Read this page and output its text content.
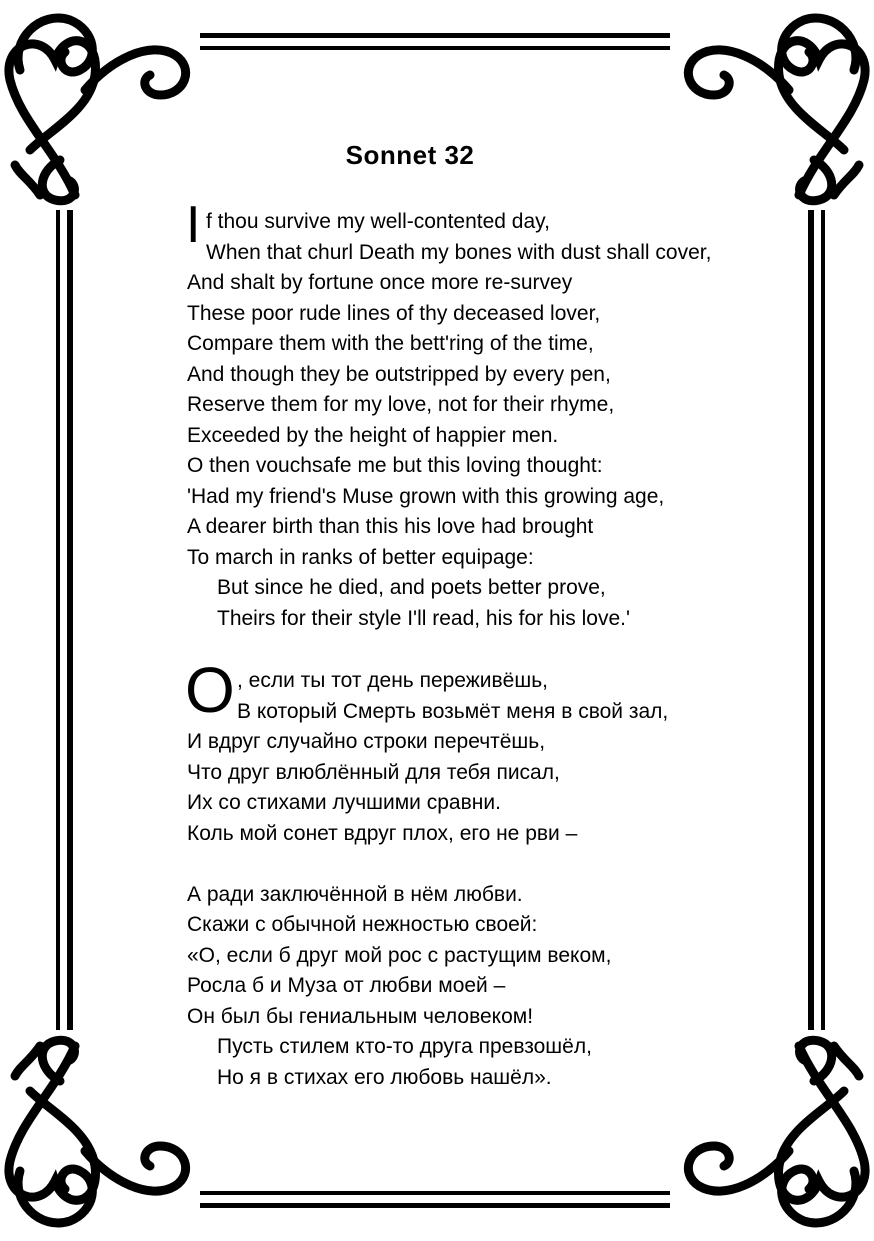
Sonnet 32
I f thou survive my well-contented day,
When that churl Death my bones with dust shall cover,
And shalt by fortune once more re-survey
These poor rude lines of thy deceased lover,
Compare them with the bett'ring of the time,
And though they be outstripped by every pen,
Reserve them for my love, not for their rhyme,
Exceeded by the height of happier men.
O then vouchsafe me but this loving thought:
'Had my friend's Muse grown with this growing age,
A dearer birth than this his love had brought
To march in ranks of better equipage:
But since he died, and poets better prove,
Theirs for their style I'll read, his for his love.'
О , если ты тот день переживёшь,
В который Смерть возьмёт меня в свой зал,
И вдруг случайно строки перечтёшь,
Что друг влюблённый для тебя писал,
Их со стихами лучшими сравни.
Коль мой сонет вдруг плох, его не рви –
А ради заключённой в нём любви.
Скажи с обычной нежностью своей:
«О, если б друг мой рос с растущим веком,
Росла б и Муза от любви моей –
Он был бы гениальным человеком!
Пусть стилем кто-то друга превзошёл,
Но я в стихах его любовь нашёл».
